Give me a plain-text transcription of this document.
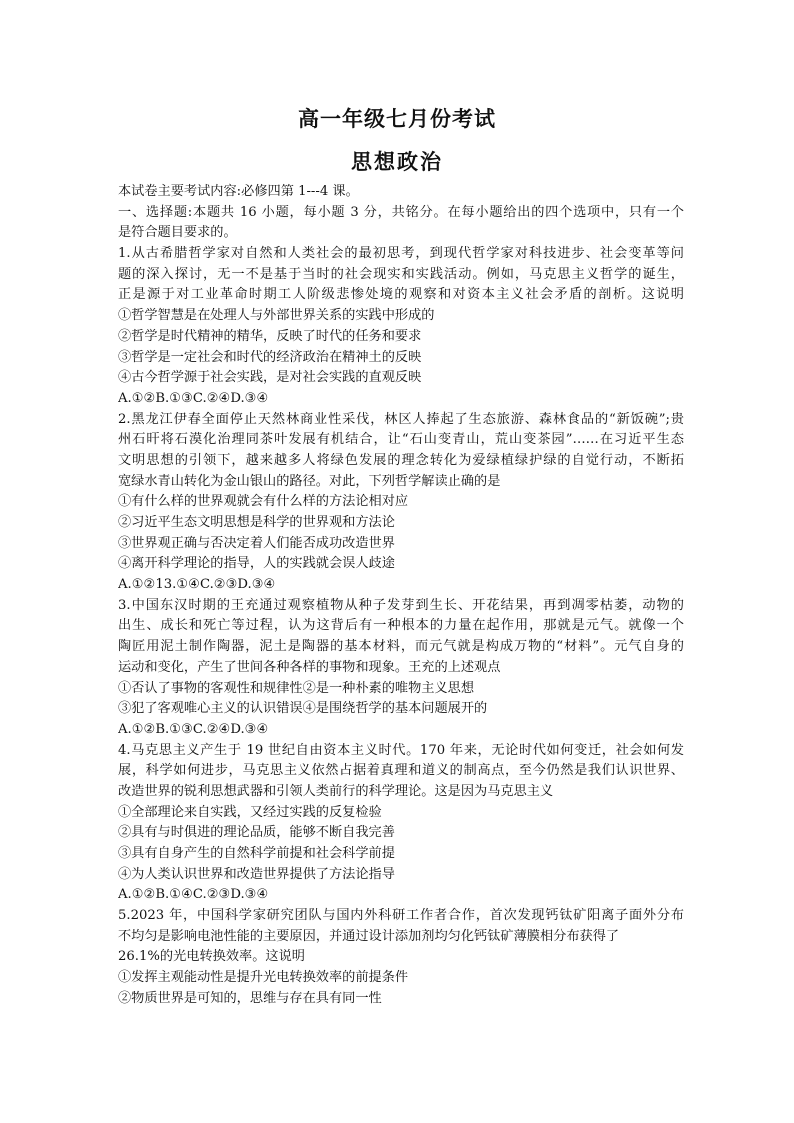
高一年级七月份考试
思想政治
本试卷主要考试内容:必修四第 1---4 课。
一、选择题:本题共 16 小题，每小题 3 分，共铭分。在每小题给出的四个选项中，只有一个
是符合题目要求的。
1.从古希腊哲学家对自然和人类社会的最初思考，到现代哲学家对科技进步、社会变革等问
题的深入探讨，无一不是基于当时的社会现实和实践活动。例如，马克思主义哲学的诞生，
正是源于对工业革命时期工人阶级悲惨处境的观察和对资本主义社会矛盾的剖析。这说明
①哲学智慧是在处理人与外部世界关系的实践中形成的
②哲学是时代精神的精华，反映了时代的任务和要求
③哲学是一定社会和时代的经济政治在精神土的反映
④古今哲学源于社会实践，是对社会实践的直观反映
A.①②B.①③C.②④D.③④
2.黑龙江伊春全面停止天然林商业性采伐，林区人捧起了生态旅游、森林食品的“新饭碗”;贵
州石旰将石漠化治理同茶叶发展有机结合，让“石山变青山，荒山变茶园”……在习近平生态
文明思想的引领下，越来越多人将绿色发展的理念转化为爱绿植绿护绿的自觉行动，不断拓
宽绿水青山转化为金山银山的路径。对此，下列哲学解读止确的是
①有什么样的世界观就会有什么样的方法论相对应
②习近平生态文明思想是科学的世界观和方法论
③世界观正确与否决定着人们能否成功改造世界
④离开科学理论的指导，人的实践就会误人歧途
A.①②13.①④C.②③D.③④
3.中国东汉时期的王充通过观察植物从种子发芽到生长、开花结果，再到凋零枯萎，动物的
出生、成长和死亡等过程，认为这背后有一种根本的力量在起作用，那就是元气。就像一个
陶匠用泥土制作陶器，泥土是陶器的基本材料，而元气就是构成万物的“材料”。元气自身的
运动和变化，产生了世间各种各样的事物和现象。王充的上述观点
①否认了事物的客观性和规律性②是一种朴素的唯物主义思想
③犯了客观唯心主义的认识错误④是围绕哲学的基本问题展开的
A.①②B.①③C.②④D.③④
4.马克思主义产生于 19 世纪自由资本主义时代。170 年来，无论时代如何变迁，社会如何发
展，科学如何进步，马克思主义依然占据着真理和道义的制高点，至今仍然是我们认识世界、
改造世界的锐利思想武器和引领人类前行的科学理论。这是因为马克思主义
①全部理论来自实践，又经过实践的反复检验
②具有与时俱进的理论品质，能够不断自我完善
③具有自身产生的自然科学前提和社会科学前提
④为人类认识世界和改造世界提供了方法论指导
A.①②B.①④C.②③D.③④
5.2023 年，中国科学家研究团队与国内外科研工作者合作，首次发现钙钛矿阳离子面外分布
不均匀是影响电池性能的主要原因，并通过设计添加剂均匀化钙钛矿薄膜相分布获得了
26.1%的光电转换效率。这说明
①发挥主观能动性是提升光电转换效率的前提条件
②物质世界是可知的，思维与存在具有同一性
